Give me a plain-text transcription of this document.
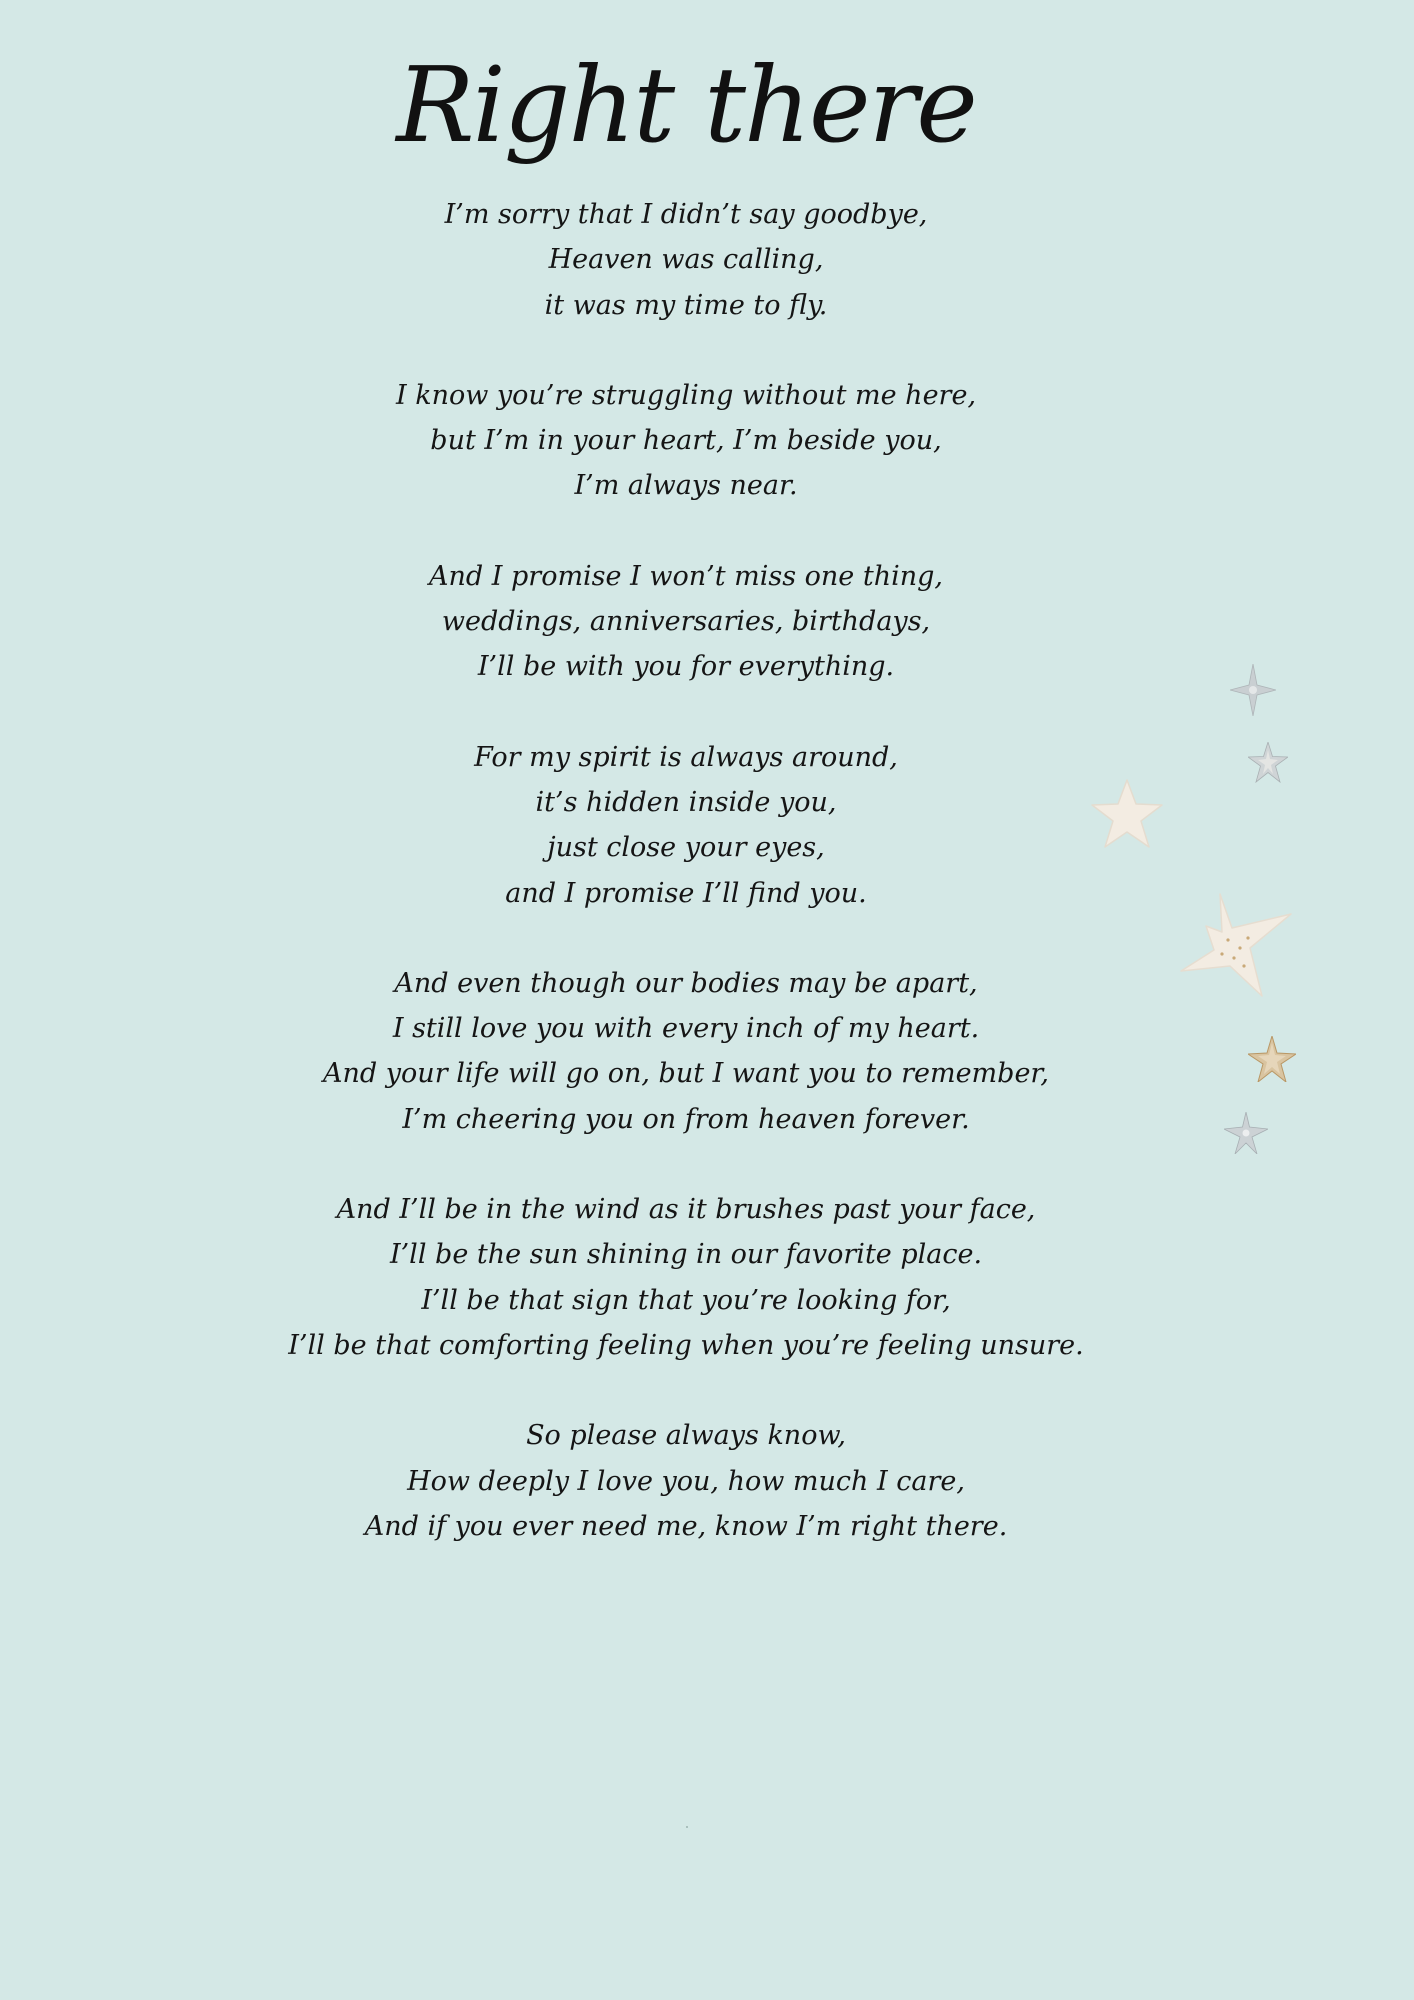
Right there
I’m sorry that I didn’t say goodbye,
Heaven was calling,
it was my time to fly.
I know you’re struggling without me here,
but I’m in your heart, I’m beside you,
I’m always near.
And I promise I won’t miss one thing,
weddings, anniversaries, birthdays,
I’ll be with you for everything.
For my spirit is always around,
it’s hidden inside you,
just close your eyes,
and I promise I’ll find you.
And even though our bodies may be apart,
I still love you with every inch of my heart.
And your life will go on, but I want you to remember,
I’m cheering you on from heaven forever.
And I’ll be in the wind as it brushes past your face,
I’ll be the sun shining in our favorite place.
I’ll be that sign that you’re looking for,
I’ll be that comforting feeling when you’re feeling unsure.
So please always know,
How deeply I love you, how much I care,
And if you ever need me, know I’m right there.
